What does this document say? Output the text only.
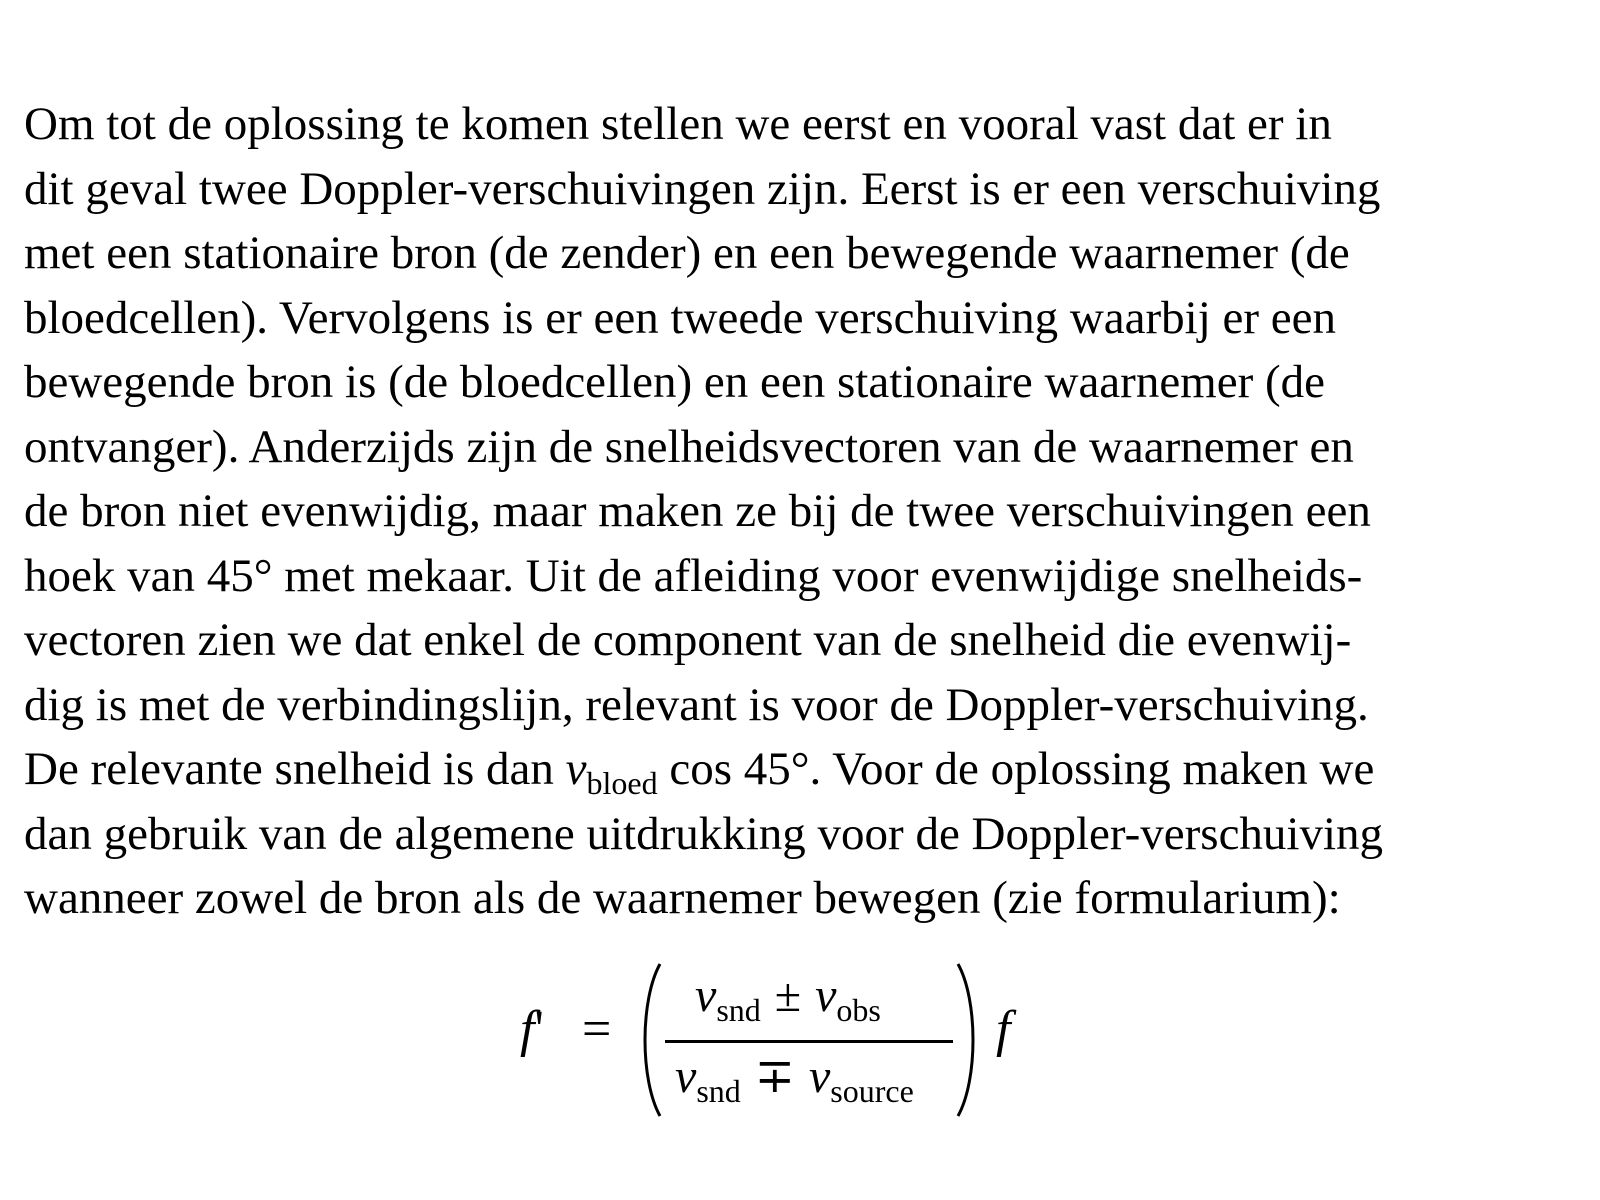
Om tot de oplossing te komen stellen we eerst en vooral vast dat er in
dit geval twee Doppler-verschuivingen zijn. Eerst is er een verschuiving
met een stationaire bron (de zender) en een bewegende waarnemer (de
bloedcellen). Vervolgens is er een tweede verschuiving waarbij er een
bewegende bron is (de bloedcellen) en een stationaire waarnemer (de
ontvanger). Anderzijds zijn de snelheidsvectoren van de waarnemer en
de bron niet evenwijdig, maar maken ze bij de twee verschuivingen een
hoek van 45° met mekaar. Uit de afleiding voor evenwijdige snelheids-
vectoren zien we dat enkel de component van de snelheid die evenwij-
dig is met de verbindingslijn, relevant is voor de Doppler-verschuiving.
De relevante snelheid is dan $v_{bloed}$ cos 45°. Voor de oplossing maken we
dan gebruik van de algemene uitdrukking voor de Doppler-verschuiving
wanneer zowel de bron als de waarnemer bewegen (zie formularium):
f' =
$v_{snd} \pm v_{obs}$
$v_{snd} \mp v_{source}$
f
